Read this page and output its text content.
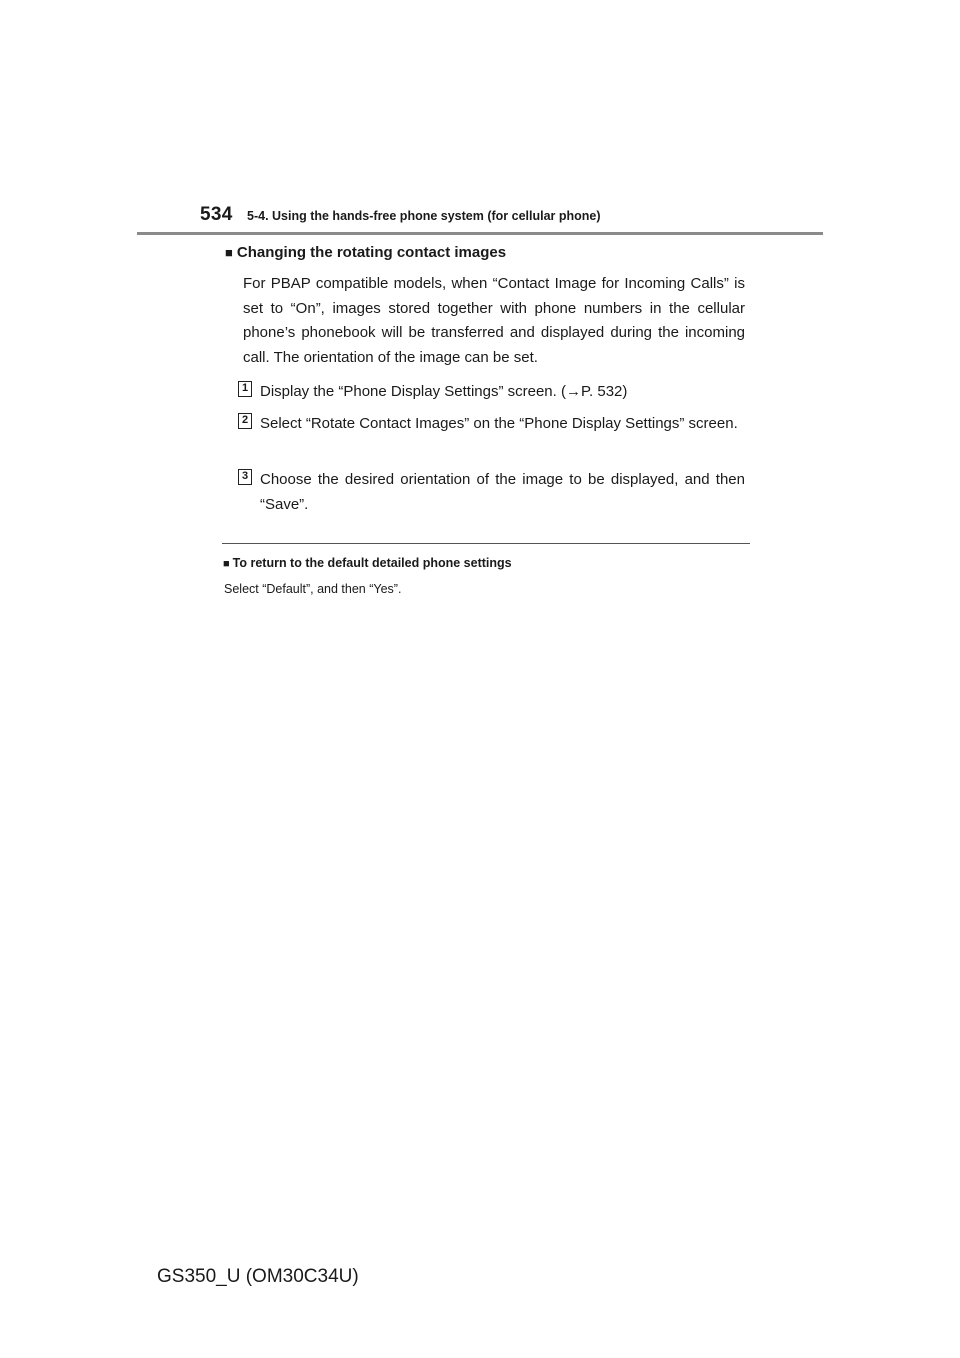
534 5-4. Using the hands-free phone system (for cellular phone)
■ Changing the rotating contact images

For PBAP compatible models, when “Contact Image for Incoming Calls” is set to “On”, images stored together with phone numbers in the cellular phone’s phonebook will be transferred and displayed during the incoming call. The orientation of the image can be set.

1 Display the “Phone Display Settings” screen. (→P. 532)

2 Select “Rotate Contact Images” on the “Phone Display Settings” screen.

3 Choose the desired orientation of the image to be displayed, and then “Save”.

■ To return to the default detailed phone settings
Select “Default”, and then “Yes”.
GS350_U (OM30C34U)
